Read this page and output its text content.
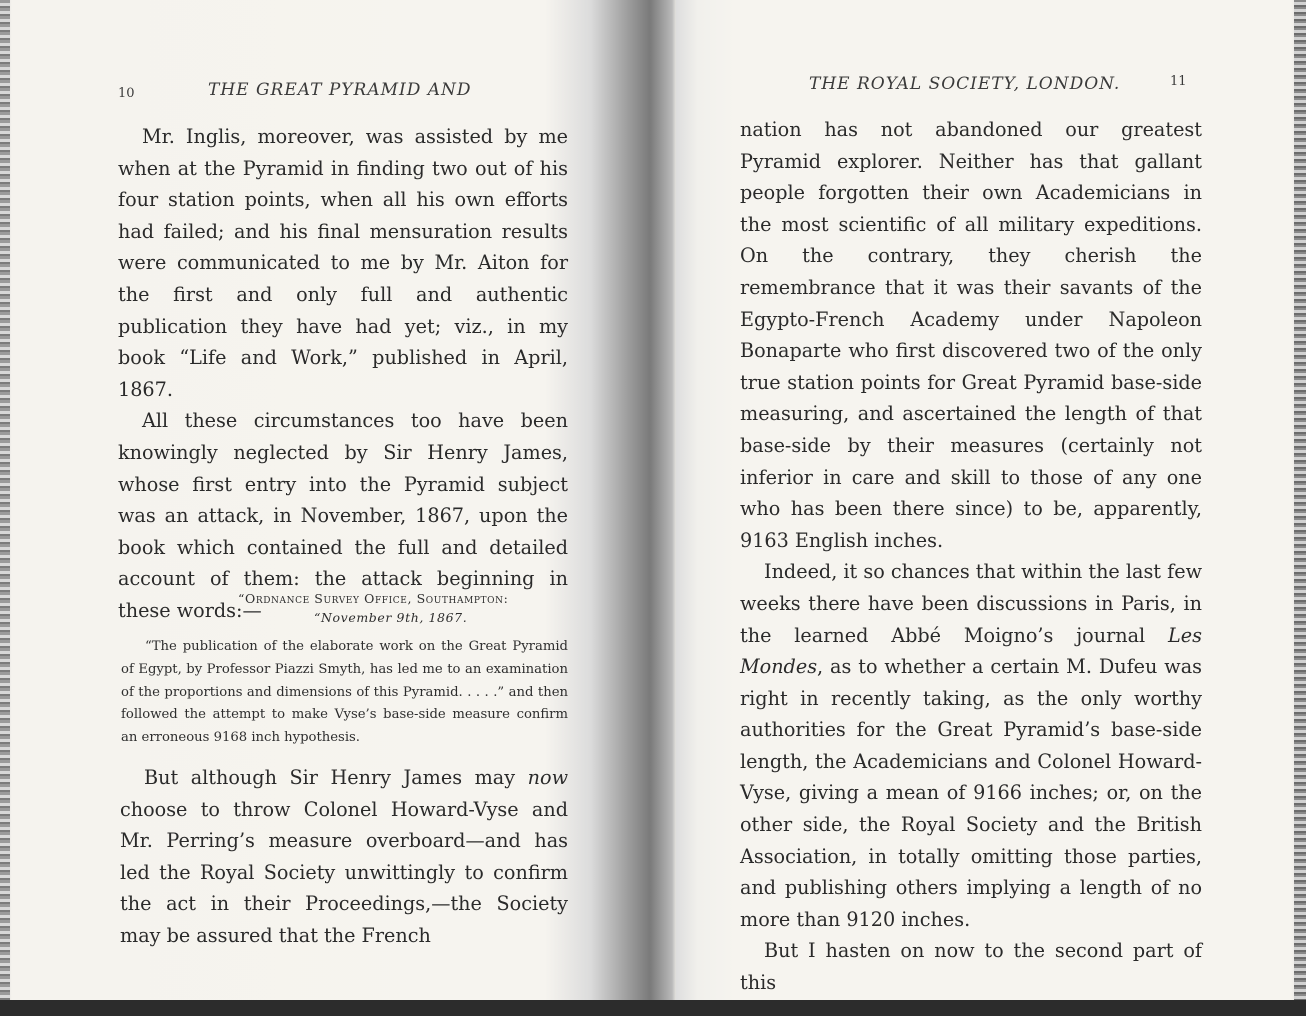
10	THE GREAT PYRAMID AND

Mr. Inglis, moreover, was assisted by me when at the Pyramid in finding two out of his four station points, when all his own efforts had failed; and his final mensuration results were communicated to me by Mr. Aiton for the first and only full and authentic publication they have had yet; viz., in my book “Life and Work,” published in April, 1867.

All these circumstances too have been knowingly neglected by Sir Henry James, whose first entry into the Pyramid subject was an attack, in November, 1867, upon the book which contained the full and detailed account of them: the attack beginning in these words:—

“Ordnance Survey Office, Southampton:
“November 9th, 1867.
“The publication of the elaborate work on the Great Pyramid of Egypt, by Professor Piazzi Smyth, has led me to an examination of the proportions and dimensions of this Pyramid. . . . .” and then followed the attempt to make Vyse’s base-side measure confirm an erroneous 9168 inch hypothesis.

But although Sir Henry James may now choose to throw Colonel Howard-Vyse and Mr. Perring’s measure overboard—and has led the Royal Society unwittingly to confirm the act in their Proceedings,—the Society may be assured that the French

THE ROYAL SOCIETY, LONDON.	11

nation has not abandoned our greatest Pyramid explorer. Neither has that gallant people forgotten their own Academicians in the most scientific of all military expeditions. On the contrary, they cherish the remembrance that it was their savants of the Egypto-French Academy under Napoleon Bonaparte who first discovered two of the only true station points for Great Pyramid base-side measuring, and ascertained the length of that base-side by their measures (certainly not inferior in care and skill to those of any one who has been there since) to be, apparently, 9163 English inches.

Indeed, it so chances that within the last few weeks there have been discussions in Paris, in the learned Abbé Moigno’s journal Les Mondes, as to whether a certain M. Dufeu was right in recently taking, as the only worthy authorities for the Great Pyramid’s base-side length, the Academicians and Colonel Howard-Vyse, giving a mean of 9166 inches; or, on the other side, the Royal Society and the British Association, in totally omitting those parties, and publishing others implying a length of no more than 9120 inches.

But I hasten on now to the second part of this
